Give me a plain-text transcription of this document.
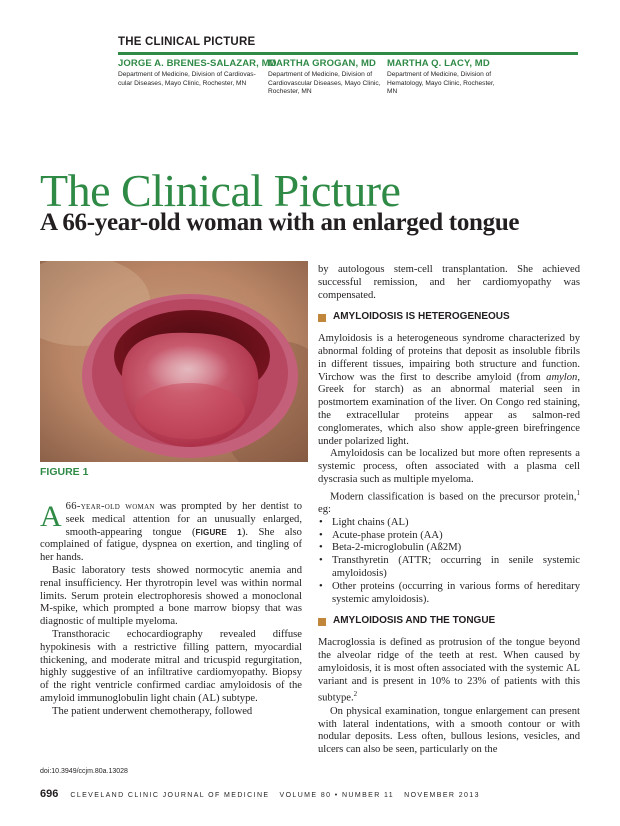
THE CLINICAL PICTURE
JORGE A. BRENES-SALAZAR, MD
Department of Medicine, Division of Cardiovas-cular Diseases, Mayo Clinic, Rochester, MN
MARTHA GROGAN, MD
Department of Medicine, Division of Cardiovascular Diseases, Mayo Clinic, Rochester, MN
MARTHA Q. LACY, MD
Department of Medicine, Division of Hematology, Mayo Clinic, Rochester, MN
The Clinical Picture
A 66-year-old woman with an enlarged tongue
FIGURE 1

A 66-year-old woman was prompted by her dentist to seek medical attention for an unusually enlarged, smooth-appearing tongue (FIGURE 1). She also complained of fatigue, dyspnea on exertion, and tingling of her hands.

Basic laboratory tests showed normocytic anemia and renal insufficiency. Her thyrotropin level was within normal limits. Serum protein electrophoresis showed a monoclonal M-spike, which prompted a bone marrow biopsy that was diagnostic of multiple myeloma.

Transthoracic echocardiography revealed diffuse hypokinesis with a restrictive filling pattern, myocardial thickening, and moderate mitral and tricuspid regurgitation, highly suggestive of an infiltrative cardiomyopathy. Biopsy of the right ventricle confirmed cardiac amyloidosis of the amyloid immunoglobulin light chain (AL) subtype.

The patient underwent chemotherapy, followed

by autologous stem-cell transplantation. She achieved successful remission, and her cardiomyopathy was compensated.

AMYLOIDOSIS IS HETEROGENEOUS

Amyloidosis is a heterogeneous syndrome characterized by abnormal folding of proteins that deposit as insoluble fibrils in different tissues, impairing both structure and function. Virchow was the first to describe amyloid (from amylon, Greek for starch) as an abnormal material seen in postmortem examination of the liver. On Congo red staining, the extracellular proteins appear as salmon-red conglomerates, which also show apple-green birefringence under polarized light.

Amyloidosis can be localized but more often represents a systemic process, often associated with a plasma cell dyscrasia such as multiple myeloma.

Modern classification is based on the precursor protein,$^1$ eg:

• Light chains (AL)
• Acute-phase protein (AA)
• Beta-2-microglobulin (Aß2M)
• Transthyretin (ATTR; occurring in senile systemic amyloidosis)
• Other proteins (occurring in various forms of hereditary systemic amyloidosis).
AMYLOIDOSIS AND THE TONGUE

Macroglossia is defined as protrusion of the tongue beyond the alveolar ridge of the teeth at rest. When caused by amyloidosis, it is most often associated with the systemic AL variant and is present in 10% to 23% of patients with this subtype.$^2$

On physical examination, tongue enlargement can present with lateral indentations, with a smooth contour or with nodular deposits. Less often, bullous lesions, vesicles, and ulcers can also be seen, particularly on the

doi:10.3949/ccjm.80a.13028
696 CLEVELAND CLINIC JOURNAL OF MEDICINE   VOLUME 80 • NUMBER 11   NOVEMBER 2013
